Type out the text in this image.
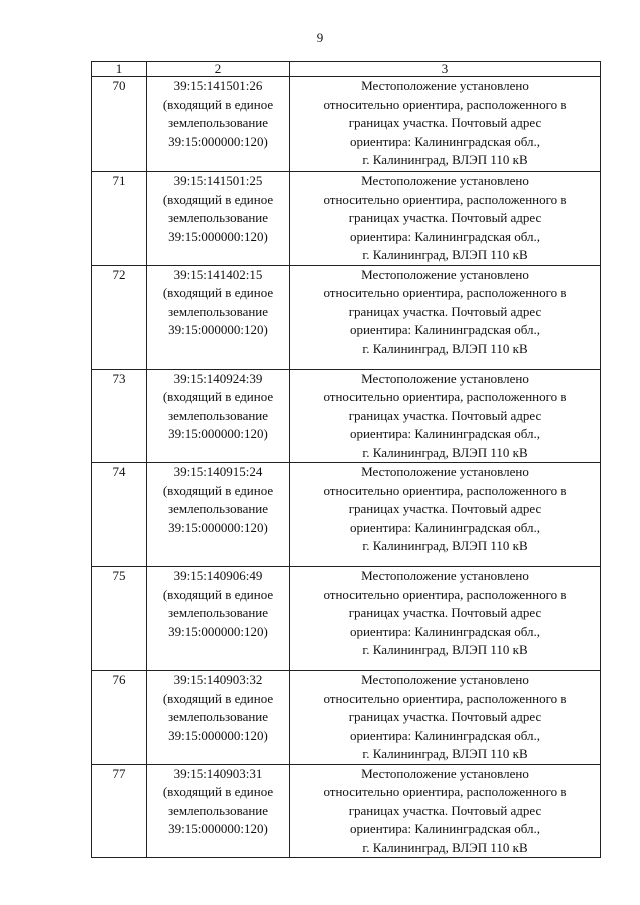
9
1	2	3
70	39:15:141501:26
(входящий в единое
землепользование
39:15:000000:120)	Местоположение установлено
относительно ориентира, расположенного в
границах участка. Почтовый адрес
ориентира: Калининградская обл.,
г. Калининград, ВЛЭП 110 кВ

71	39:15:141501:25
(входящий в единое
землепользование
39:15:000000:120)	Местоположение установлено
относительно ориентира, расположенного в
границах участка. Почтовый адрес
ориентира: Калининградская обл.,
г. Калининград, ВЛЭП 110 кВ

72	39:15:141402:15
(входящий в единое
землепользование
39:15:000000:120)	Местоположение установлено
относительно ориентира, расположенного в
границах участка. Почтовый адрес
ориентира: Калининградская обл.,
г. Калининград, ВЛЭП 110 кВ

73	39:15:140924:39
(входящий в единое
землепользование
39:15:000000:120)	Местоположение установлено
относительно ориентира, расположенного в
границах участка. Почтовый адрес
ориентира: Калининградская обл.,
г. Калининград, ВЛЭП 110 кВ

74	39:15:140915:24
(входящий в единое
землепользование
39:15:000000:120)	Местоположение установлено
относительно ориентира, расположенного в
границах участка. Почтовый адрес
ориентира: Калининградская обл.,
г. Калининград, ВЛЭП 110 кВ

75	39:15:140906:49
(входящий в единое
землепользование
39:15:000000:120)	Местоположение установлено
относительно ориентира, расположенного в
границах участка. Почтовый адрес
ориентира: Калининградская обл.,
г. Калининград, ВЛЭП 110 кВ

76	39:15:140903:32
(входящий в единое
землепользование
39:15:000000:120)	Местоположение установлено
относительно ориентира, расположенного в
границах участка. Почтовый адрес
ориентира: Калининградская обл.,
г. Калининград, ВЛЭП 110 кВ

77	39:15:140903:31
(входящий в единое
землепользование
39:15:000000:120)	Местоположение установлено
относительно ориентира, расположенного в
границах участка. Почтовый адрес
ориентира: Калининградская обл.,
г. Калининград, ВЛЭП 110 кВ
